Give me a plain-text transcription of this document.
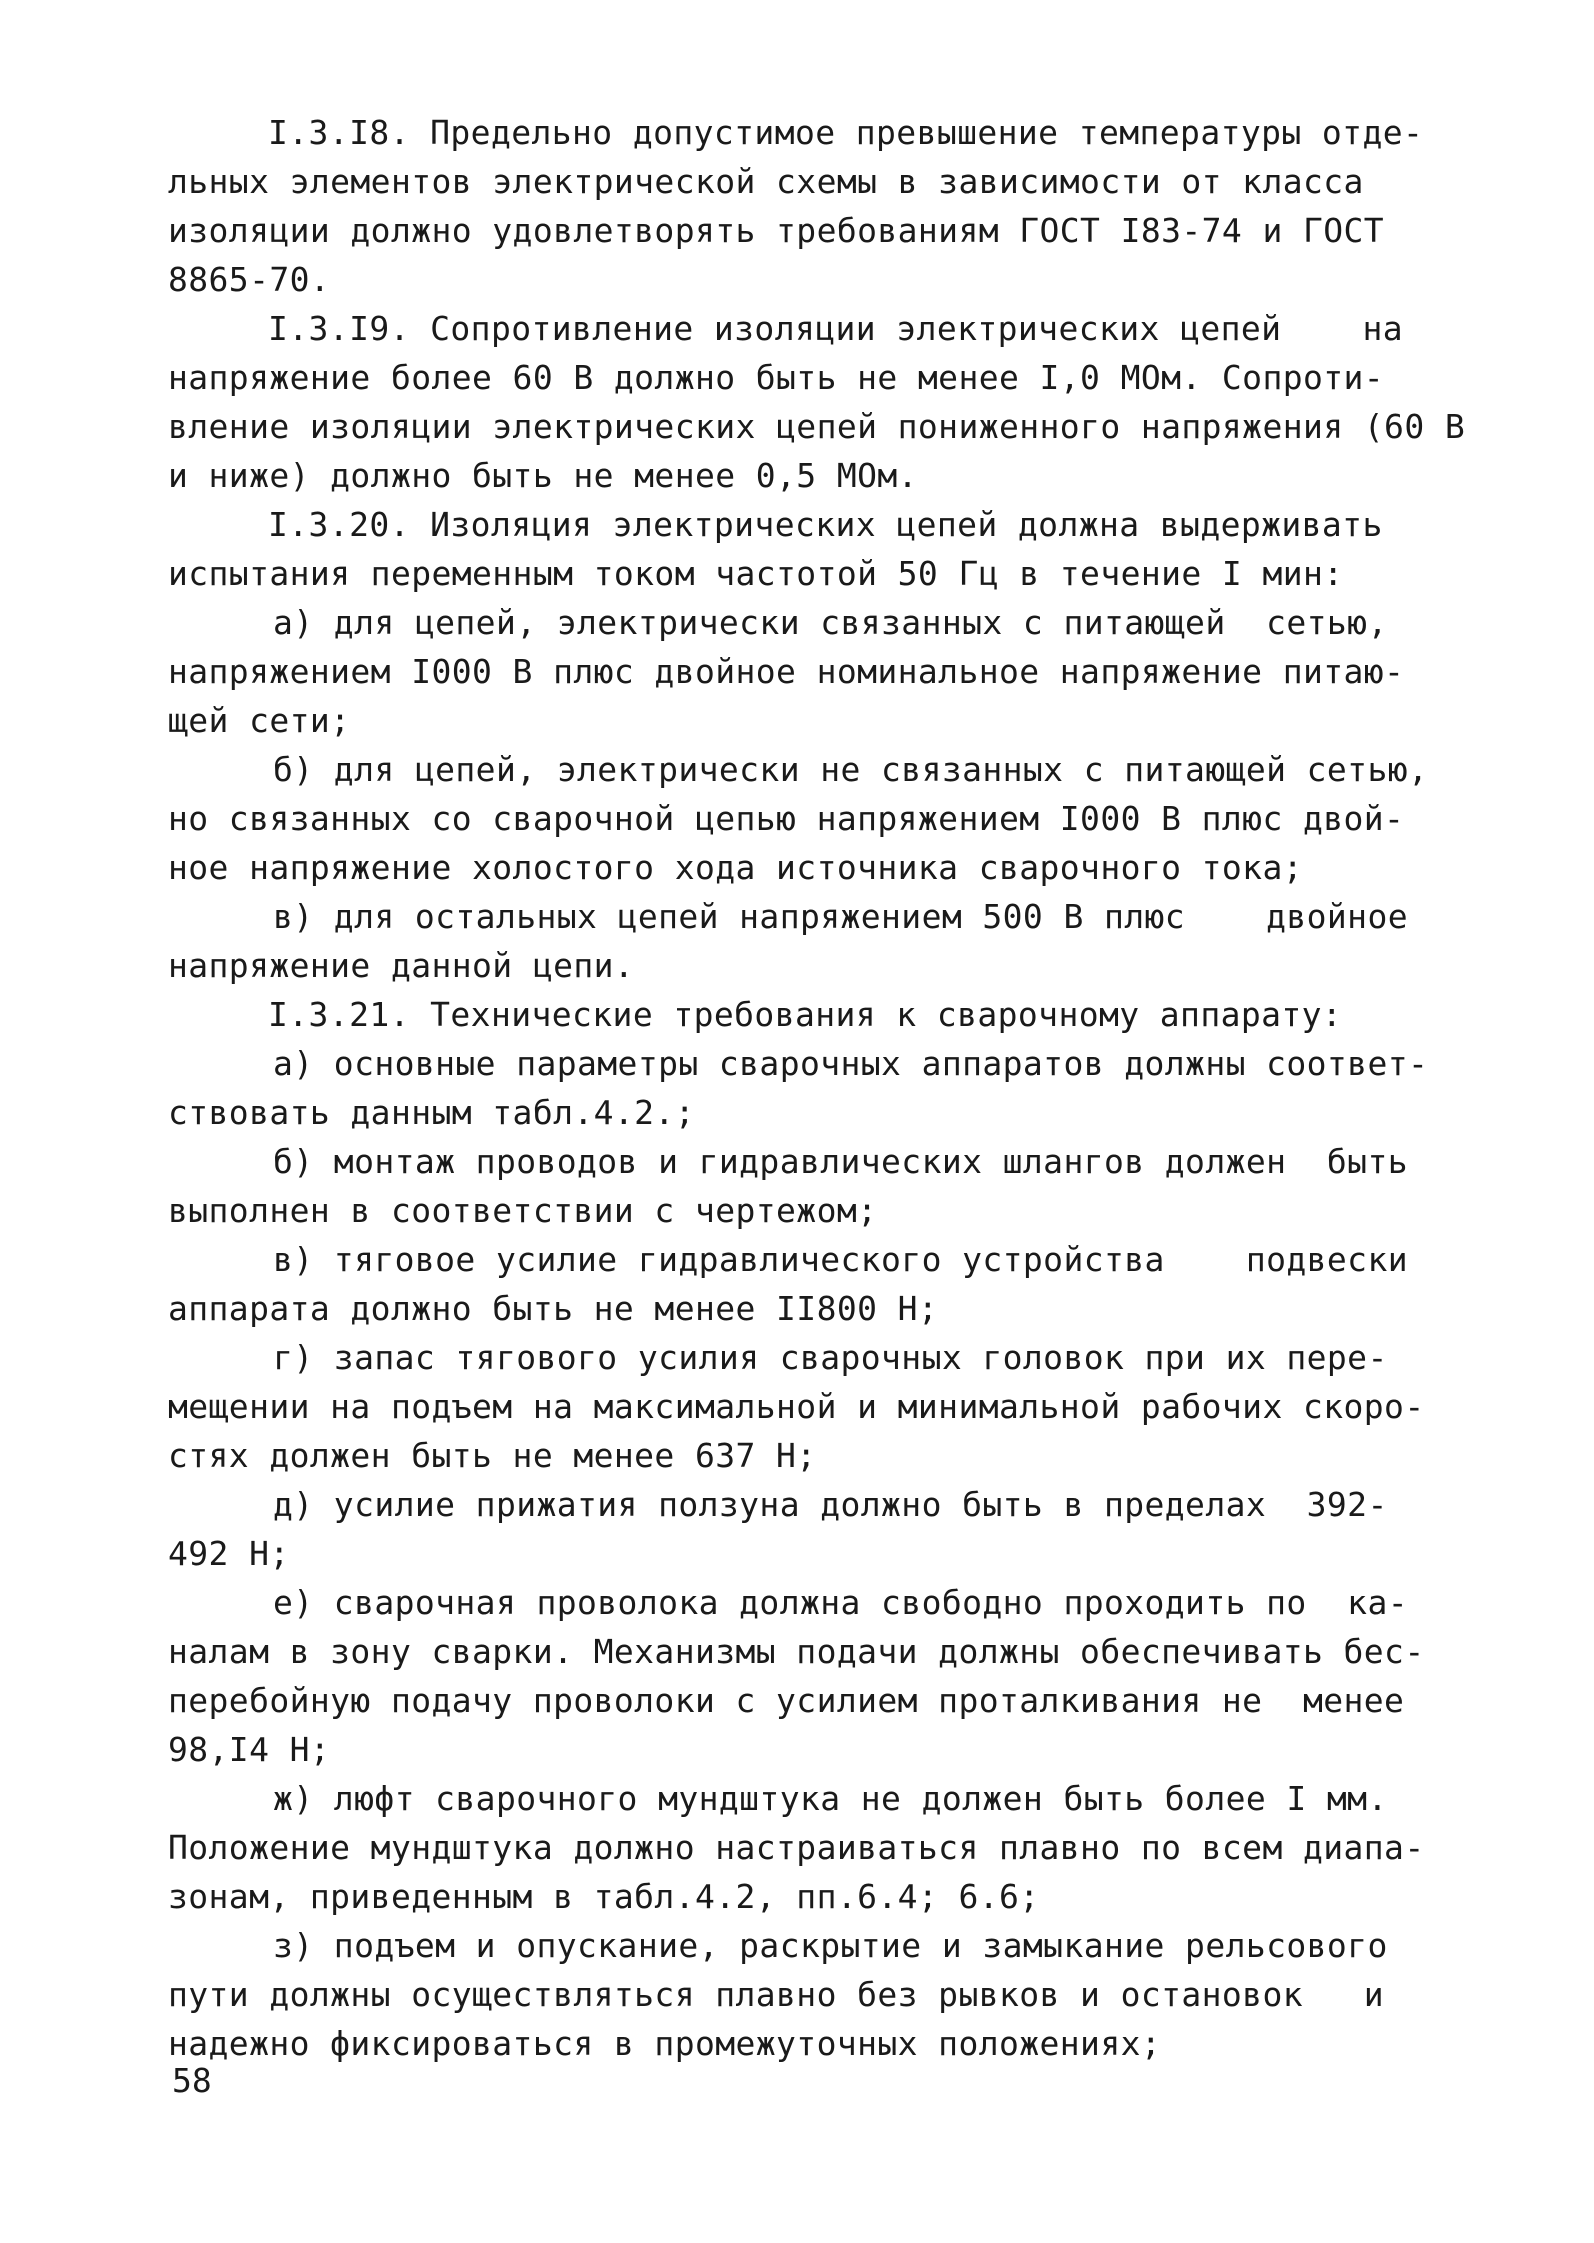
I.3.I8. Предельно допустимое превышение температуры отде-
льных элементов электрической схемы в зависимости от класса
изоляции должно удовлетворять требованиям ГОСТ I83-74 и ГОСТ
8865-70.
I.3.I9. Сопротивление изоляции электрических цепей    на
напряжение более 60 В должно быть не менее I,0 МОм. Сопроти-
вление изоляции электрических цепей пониженного напряжения (60 В
и ниже) должно быть не менее 0,5 МОм.
I.3.20. Изоляция электрических цепей должна выдерживать
испытания переменным током частотой 50 Гц в течение I мин:
а) для цепей, электрически связанных с питающей  сетью,
напряжением I000 В плюс двойное номинальное напряжение питаю-
щей сети;
б) для цепей, электрически не связанных с питающей сетью,
но связанных со сварочной цепью напряжением I000 В плюс двой-
ное напряжение холостого хода источника сварочного тока;
в) для остальных цепей напряжением 500 В плюс    двойное
напряжение данной цепи.
I.3.21. Технические требования к сварочному аппарату:
а) основные параметры сварочных аппаратов должны соответ-
ствовать данным табл.4.2.;
б) монтаж проводов и гидравлических шлангов должен  быть
выполнен в соответствии с чертежом;
в) тяговое усилие гидравлического устройства    подвески
аппарата должно быть не менее II800 Н;
г) запас тягового усилия сварочных головок при их пере-
мещении на подъем на максимальной и минимальной рабочих скоро-
стях должен быть не менее 637 Н;
д) усилие прижатия ползуна должно быть в пределах  392-
492 Н;
е) сварочная проволока должна свободно проходить по  ка-
налам в зону сварки. Механизмы подачи должны обеспечивать бес-
перебойную подачу проволоки с усилием проталкивания не  менее
98,I4 Н;
ж) люфт сварочного мундштука не должен быть более I мм.
Положение мундштука должно настраиваться плавно по всем диапа-
зонам, приведенным в табл.4.2, пп.6.4; 6.6;
з) подъем и опускание, раскрытие и замыкание рельсового
пути должны осуществляться плавно без рывков и остановок   и
надежно фиксироваться в промежуточных положениях;
58
